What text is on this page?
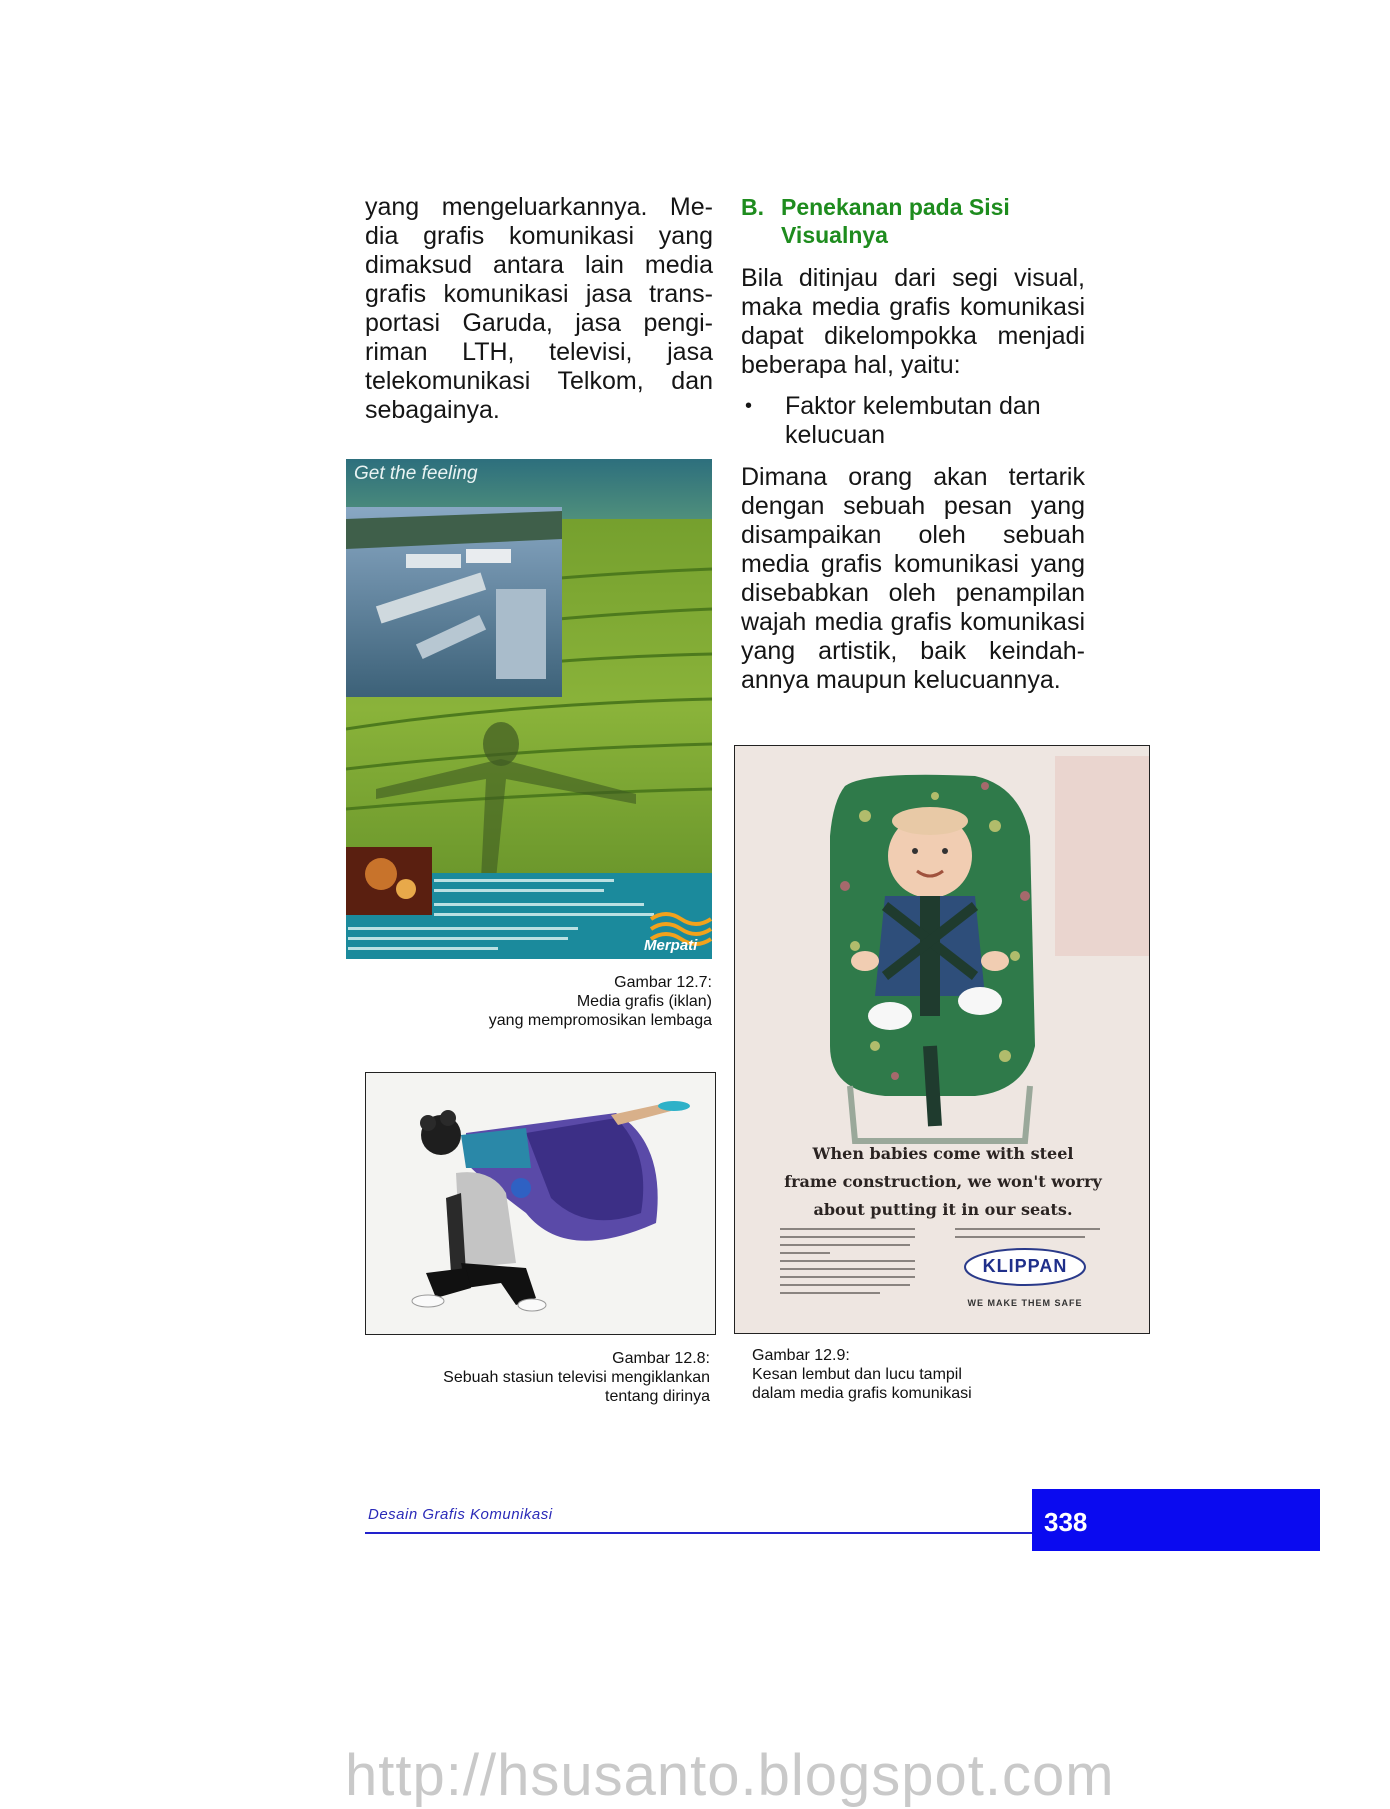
yang mengeluarkannya. Me-
dia grafis komunikasi yang
dimaksud antara lain media
grafis komunikasi jasa trans-
portasi Garuda, jasa pengi-
riman LTH, televisi, jasa
telekomunikasi Telkom, dan
sebagainya.
B. Penekanan pada Sisi
Visualnya
Bila ditinjau dari segi visual,
maka media grafis komunikasi
dapat dikelompokka menjadi
beberapa hal, yaitu:
• Faktor kelembutan dan
kelucuan
Dimana orang akan tertarik
dengan sebuah pesan yang
disampaikan oleh sebuah
media grafis komunikasi yang
disebabkan oleh penampilan
wajah media grafis komunikasi
yang artistik, baik keindah-
annya maupun kelucuannya.
Get the feeling
Merpati
Gambar 12.7:
Media grafis (iklan)
yang mempromosikan lembaga
Gambar 12.8:
Sebuah stasiun televisi mengiklankan
tentang dirinya
When babies come with steel
frame construction, we won't worry
about putting it in our seats.
KLIPPAN
WE MAKE THEM SAFE
Gambar 12.9:
Kesan lembut dan lucu tampil
dalam media grafis komunikasi
Desain Grafis Komunikasi	338
http://hsusanto.blogspot.com
